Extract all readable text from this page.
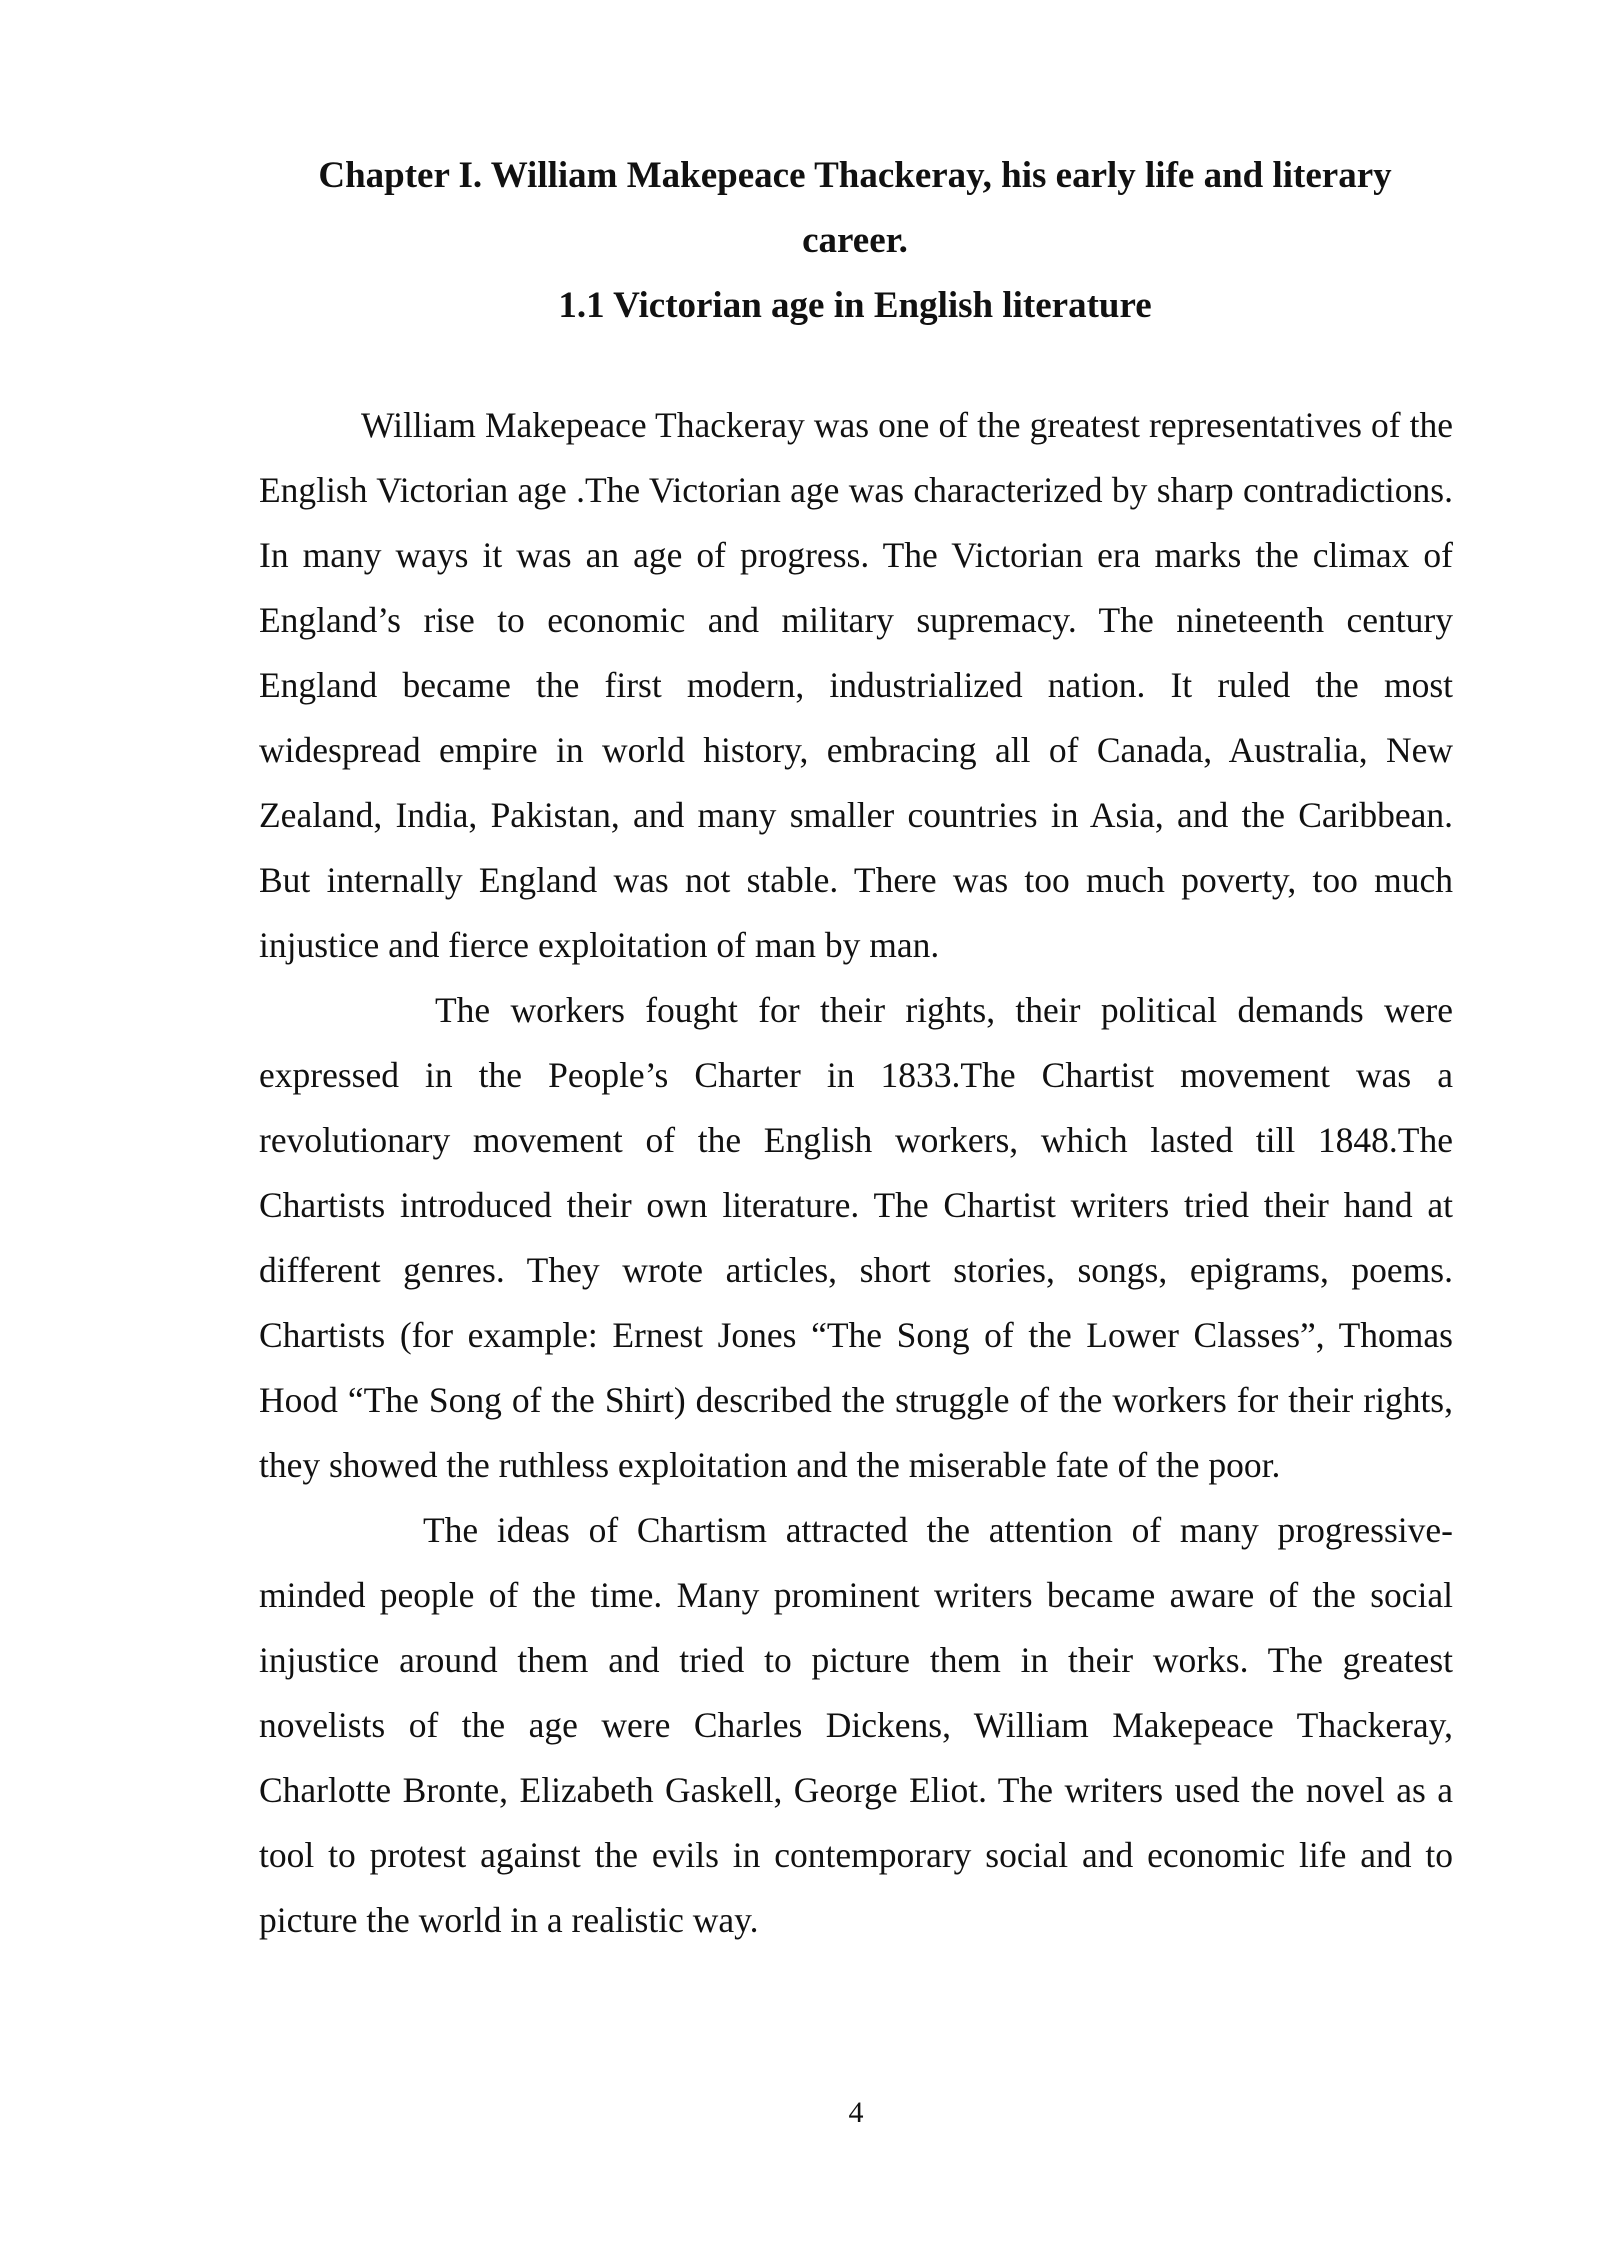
Chapter I. William Makepeace Thackeray, his early life and literary
career.
1.1 Victorian age in English literature

William Makepeace Thackeray was one of the greatest representatives of the English Victorian age .The Victorian age was characterized by sharp contradictions. In many ways it was an age of progress. The Victorian era marks the climax of England’s rise to economic and military supremacy. The nineteenth century England became the first modern, industrialized nation. It ruled the most widespread empire in world history, embracing all of Canada, Australia, New Zealand, India, Pakistan, and many smaller countries in Asia, and the Caribbean. But internally England was not stable. There was too much poverty, too much injustice and fierce exploitation of man by man.

The workers fought for their rights, their political demands were expressed in the People’s Charter in 1833.The Chartist movement was a revolutionary movement of the English workers, which lasted till 1848.The Chartists introduced their own literature. The Chartist writers tried their hand at different genres. They wrote articles, short stories, songs, epigrams, poems. Chartists (for example: Ernest Jones “The Song of the Lower Classes”, Thomas Hood “The Song of the Shirt) described the struggle of the workers for their rights, they showed the ruthless exploitation and the miserable fate of the poor.

The ideas of Chartism attracted the attention of many progressive-minded people of the time. Many prominent writers became aware of the social injustice around them and tried to picture them in their works. The greatest novelists of the age were Charles Dickens, William Makepeace Thackeray, Charlotte Bronte, Elizabeth Gaskell, George Eliot. The writers used the novel as a tool to protest against the evils in contemporary social and economic life and to picture the world in a realistic way.

4
